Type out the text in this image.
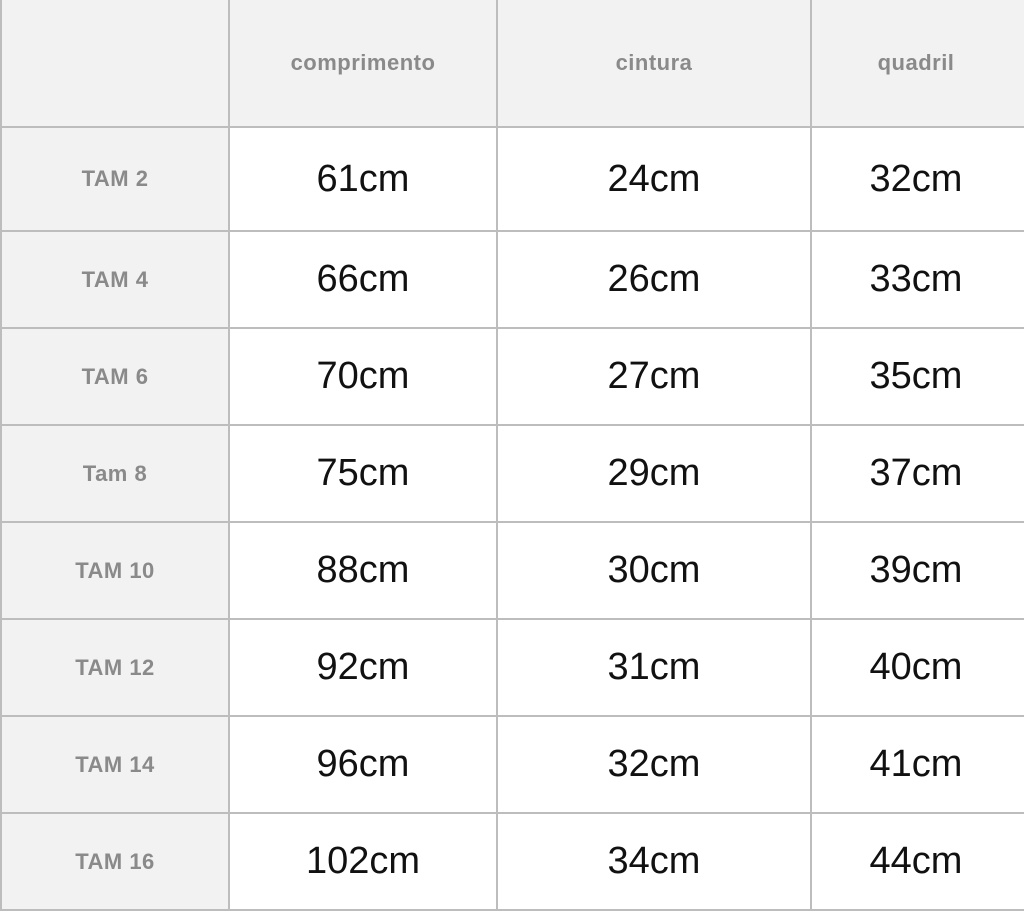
	comprimento	cintura	quadril
TAM 2	61cm	24cm	32cm
TAM 4	66cm	26cm	33cm
TAM 6	70cm	27cm	35cm
Tam 8	75cm	29cm	37cm
TAM 10	88cm	30cm	39cm
TAM 12	92cm	31cm	40cm
TAM 14	96cm	32cm	41cm
TAM 16	102cm	34cm	44cm
